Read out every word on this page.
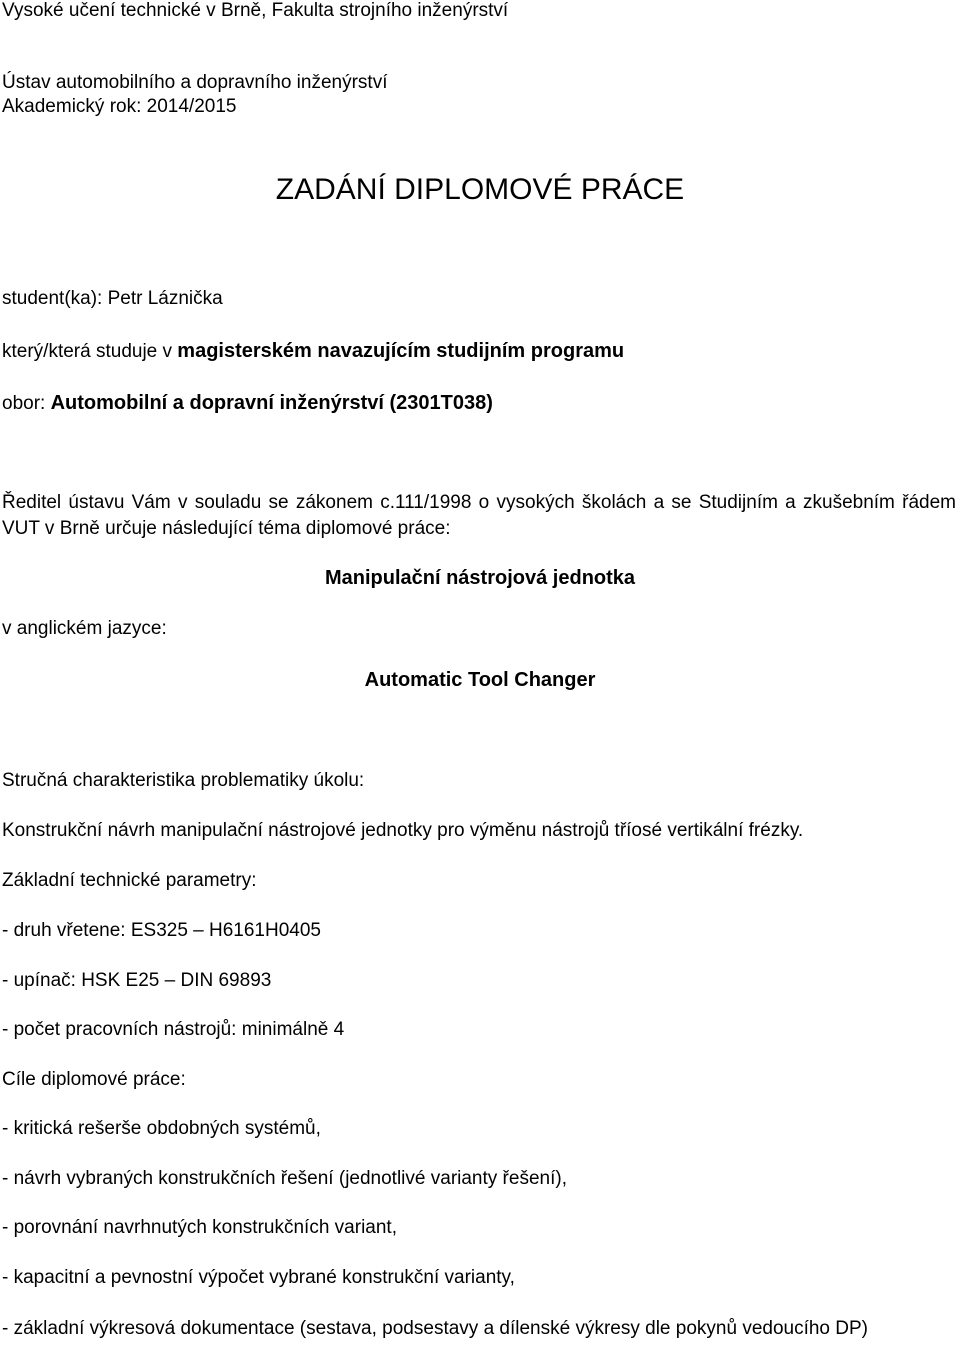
Vysoké učení technické v Brně, Fakulta strojního inženýrství
Ústav automobilního a dopravního inženýrství
Akademický rok: 2014/2015
ZADÁNÍ DIPLOMOVÉ PRÁCE
student(ka): Petr Láznička
který/která studuje v magisterském navazujícím studijním programu
obor: Automobilní a dopravní inženýrství (2301T038)
Ředitel ústavu Vám v souladu se zákonem c.111/1998 o vysokých školách a se Studijním a zkušebním řádem VUT v Brně určuje následující téma diplomové práce:
Manipulační nástrojová jednotka
v anglickém jazyce:
Automatic Tool Changer
Stručná charakteristika problematiky úkolu:
Konstrukční návrh manipulační nástrojové jednotky pro výměnu nástrojů tříosé vertikální frézky.
Základní technické parametry:
- druh vřetene: ES325 – H6161H0405
- upínač: HSK E25 – DIN 69893
- počet pracovních nástrojů: minimálně 4
Cíle diplomové práce:
- kritická rešerše obdobných systémů,
- návrh vybraných konstrukčních řešení (jednotlivé varianty řešení),
- porovnání navrhnutých konstrukčních variant,
- kapacitní a pevnostní výpočet vybrané konstrukční varianty,
- základní výkresová dokumentace (sestava, podsestavy a dílenské výkresy dle pokynů vedoucího DP)
